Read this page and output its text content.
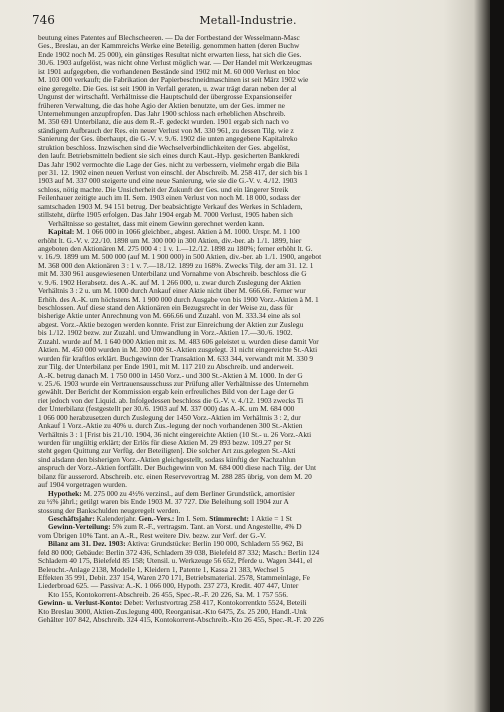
746	Metall-Industrie.
beutung eines Patentes auf Blechscheeren. — Da der Fortbestand der Wesselmann-Masc
Ges., Breslau, an der Kammreichs Werke eine Beteilig. genommen hatten (deren Buchw
Ende 1902 noch M. 25 000), ein günstiges Resultat nicht erwarten liess, hat sich die Ges.
30./6. 1903 aufgelöst, was nicht ohne Verlust möglich war. — Der Handel mit Werkzeugmas
ist 1901 aufgegeben, die vorhandenen Bestände sind 1902 mit M. 60 000 Verlust en bloc
M. 103 000 verkauft; die Fabrikation der Papierbeschneidmaschinen ist seit März 1902 wie
eine geregelte. Die Ges. ist seit 1900 in Verfall geraten, u. zwar trägt daran neben der al
Ungunst der wirtschaftl. Verhältnisse die Hauptschuld der übergrosse Expansionseifer
früheren Verwaltung, die das hohe Agio der Aktien benutzte, um der Ges. immer ne
Unternehmungen anzupfropfen. Das Jahr 1900 schloss nach erheblichen Abschreib.
M. 350 691 Unterbilanz, die aus dem R.-F. gedeckt wurden. 1901 ergab sich nach vo
ständigem Aufbrauch der Res. ein neuer Verlust von M. 330 961, zu dessen Tilg. wie z
Sanierung der Ges. überhaupt, die G.-V. v. 9./6. 1902 die unten angegebene Kapitalreko
struktion beschloss. Inzwischen sind die Wechselverbindlichkeiten der Ges. abgelöst,
den laufr. Betriebsmitteln bedient sie sich eines durch Kaut.-Hyp. gesicherten Bankkredi
Das Jahr 1902 vermochte die Lage der Ges. nicht zu verbessern, vielmehr ergab die Bila
per 31. 12. 1902 einen neuen Verlust von einschl. der Abschreib. M. 258 417, der sich bis 1
1903 auf M. 337 000 steigerte und eine neue Sanierung, wie sie die G.-V. v. 4./12. 1903
schloss, nötig machte. Die Unsicherheit der Zukunft der Ges. und ein längerer Streik
Feilenhauer zeitigte auch im II. Sem. 1903 einen Verlust von noch M. 18 000, sodass der
samtschaden 1903 M. 94 151 betrug. Der beabsichtigte Verkauf des Werkes in Schladern,
stillsteht, dürfte 1905 erfolgen. Das Jahr 1904 ergab M. 7000 Verlust, 1905 haben sich
Verhältnisse so gestaltet, dass mit einem Gewinn gerechnet werden kann.
Kapital: M. 1 066 000 in 1066 gleichber., abgest. Aktien à M. 1000. Urspr. M. 1 100
erhöht lt. G.-V. v. 22./10. 1898 um M. 300 000 in 300 Aktien, div.-ber. ab 1./1. 1899, hier
angeboten den Aktionären M. 275 000 4 : 1 v. 1.—12./12. 1898 zu 180%; ferner erhöht lt. G.
v. 16./9. 1899 um M. 500 000 (auf M. 1 900 000) in 500 Aktien, div.-ber. ab 1./1. 1900, angebot
M. 368 000 den Aktionären 3 : 1 v. 7.—18./12. 1899 zu 168%. Zwecks Tilg. der am 31. 12. 1
mit M. 330 961 ausgewiesenen Unterbilanz und Vornahme von Abschreib. beschloss die G
v. 9./6. 1902 Herabsetz. des A.-K. auf M. 1 266 000, u. zwar durch Zuslegung der Aktien
Verhältnis 3 : 2 u. um M. 1000 durch Ankauf einer Aktie nicht über M. 666.66. Ferner wur
Erhöh. des A.-K. um höchstens M. 1 900 000 durch Ausgabe von bis 1900 Vorz.-Aktien à M. 1
beschlossen. Auf diese stand den Aktionären ein Bezugsrecht in der Weise zu, dass für
bisherige Aktie unter Anrechnung von M. 666.66 und Zuzahl. von M. 333.34 eine als sol
abgest. Vorz.-Aktie bezogen werden konnte. Frist zur Einreichung der Aktien zur Zuslegu
bis 1./12. 1902 bezw. zur Zuzahl. und Umwandlung in Vorz.-Aktien 17.—30./6. 1902.
Zuzahl. wurde auf M. 1 640 000 Aktien mit zs. M. 483 606 geleistet u. wurden diese damit Vor
Aktien. M. 450 000 wurden in M. 300 000 St.-Aktien zusgelegt. 31 nicht eingereichte St.-Akti
wurden für kraftlos erklärt. Buchgewinn der Transaktion M. 633 344, verwandt mit M. 330 9
zur Tilg. der Unterbilanz per Ende 1901, mit M. 117 210 zu Abschreib. und anderweit.
A.-K. betrug danach M. 1 750 000 in 1450 Vorz.- und 300 St.-Aktien à M. 1000. In der G
v. 25./6. 1903 wurde ein Vertrauensausschuss zur Prüfung aller Verhältnisse des Unternehm
gewählt. Der Bericht der Kommission ergab kein erfreuliches Bild von der Lage der G
riet jedoch von der Liquid. ab. Infolgedessen beschloss die G.-V. v. 4./12. 1903 zwecks Ti
der Unterbilanz (festgestellt per 30./6. 1903 auf M. 337 000) das A.-K. um M. 684 000
1 066 000 herabzusetzen durch Zuslegung der 1450 Vorz.-Aktien im Verhältnis 3 : 2, dur
Ankauf 1 Vorz.-Aktie zu 40% u. durch Zus.-legung der noch vorhandenen 300 St.-Aktien
Verhältnis 3 : 1 [Frist bis 21./10. 1904, 36 nicht eingereichte Aktien (10 St.- u. 26 Vorz.-Akti
wurden für ungültig erklärt; der Erlös für diese Aktien M. 29 893 bezw. 109.27 per St
steht gegen Quittung zur Verfüg. der Beteiligten]. Die solcher Art zus.gelegten St.-Akti
sind alsdann den bisherigen Vorz.-Aktien gleichgestellt, sodass künftig der Nachzahlun
anspruch der Vorz.-Aktien fortfällt. Der Buchgewinn von M. 684 000 diese nach Tilg. der Unt
bilanz für ausserord. Abschreib. etc. einen Reservevortrag M. 288 285 übrig, von dem M. 20
auf 1904 vorgetragen wurden.
Hypothek: M. 275 000 zu 4½% verzinsl., auf dem Berliner Grundstück, amortisier
zu ½% jährl.; getilgt waren bis Ende 1903 M. 37 727. Die Beleihung soll 1904 zur A
stossung der Bankschulden neugeregelt werden.
Geschäftsjahr: Kalenderjahr. Gen.-Vers.: Im I. Sem. Stimmrecht: 1 Aktie = 1 St
Gewinn-Verteilung: 5% zum R.-F., vertragsm. Tant. an Vorst. und Angestellte, 4% D
vom Übrigen 10% Tant. an A.-R., Rest weitere Div. bezw. zur Verf. der G.-V.
Bilanz am 31. Dez. 1903: Aktiva: Grundstücke: Berlin 190 000, Schladern 55 962, Bi
feld 80 000; Gebäude: Berlin 372 436, Schladern 39 038, Bielefeld 87 332; Masch.: Berlin 124
Schladern 40 175, Bielefeld 85 158; Utensil. u. Werkzeuge 56 652, Pferde u. Wagen 3441, el
Beleucht.-Anlage 2138, Modelle 1, Kleidern 1, Patente 1, Kassa 21 383, Wechsel 5
Effekten 35 991, Debit. 237 154, Waren 270 171, Betriebsmaterial. 2578, Stammeinlage, Fe
Liederbroad 625. — Passiva: A.-K. 1 066 000, Hypoth. 237 273, Kredit. 407 447, Unter
Kto 155, Kontokorrent-Abschreib. 26 455, Spec.-R.-F. 20 226, Sa. M. 1 757 556.
Gewinn- u. Verlust-Konto: Debet: Verlustvortrag 258 417, Kontokorrentkto 5524, Beteili
Kto Breslau 3000, Aktien-Zus.legung 400, Reorganisat.-Kto 6475, Zs. 25 200, Handl.-Unk
Gehälter 107 842, Abschreib. 324 415, Kontokorrent-Abschreib.-Kto 26 455, Spec.-R.-F. 20 226
